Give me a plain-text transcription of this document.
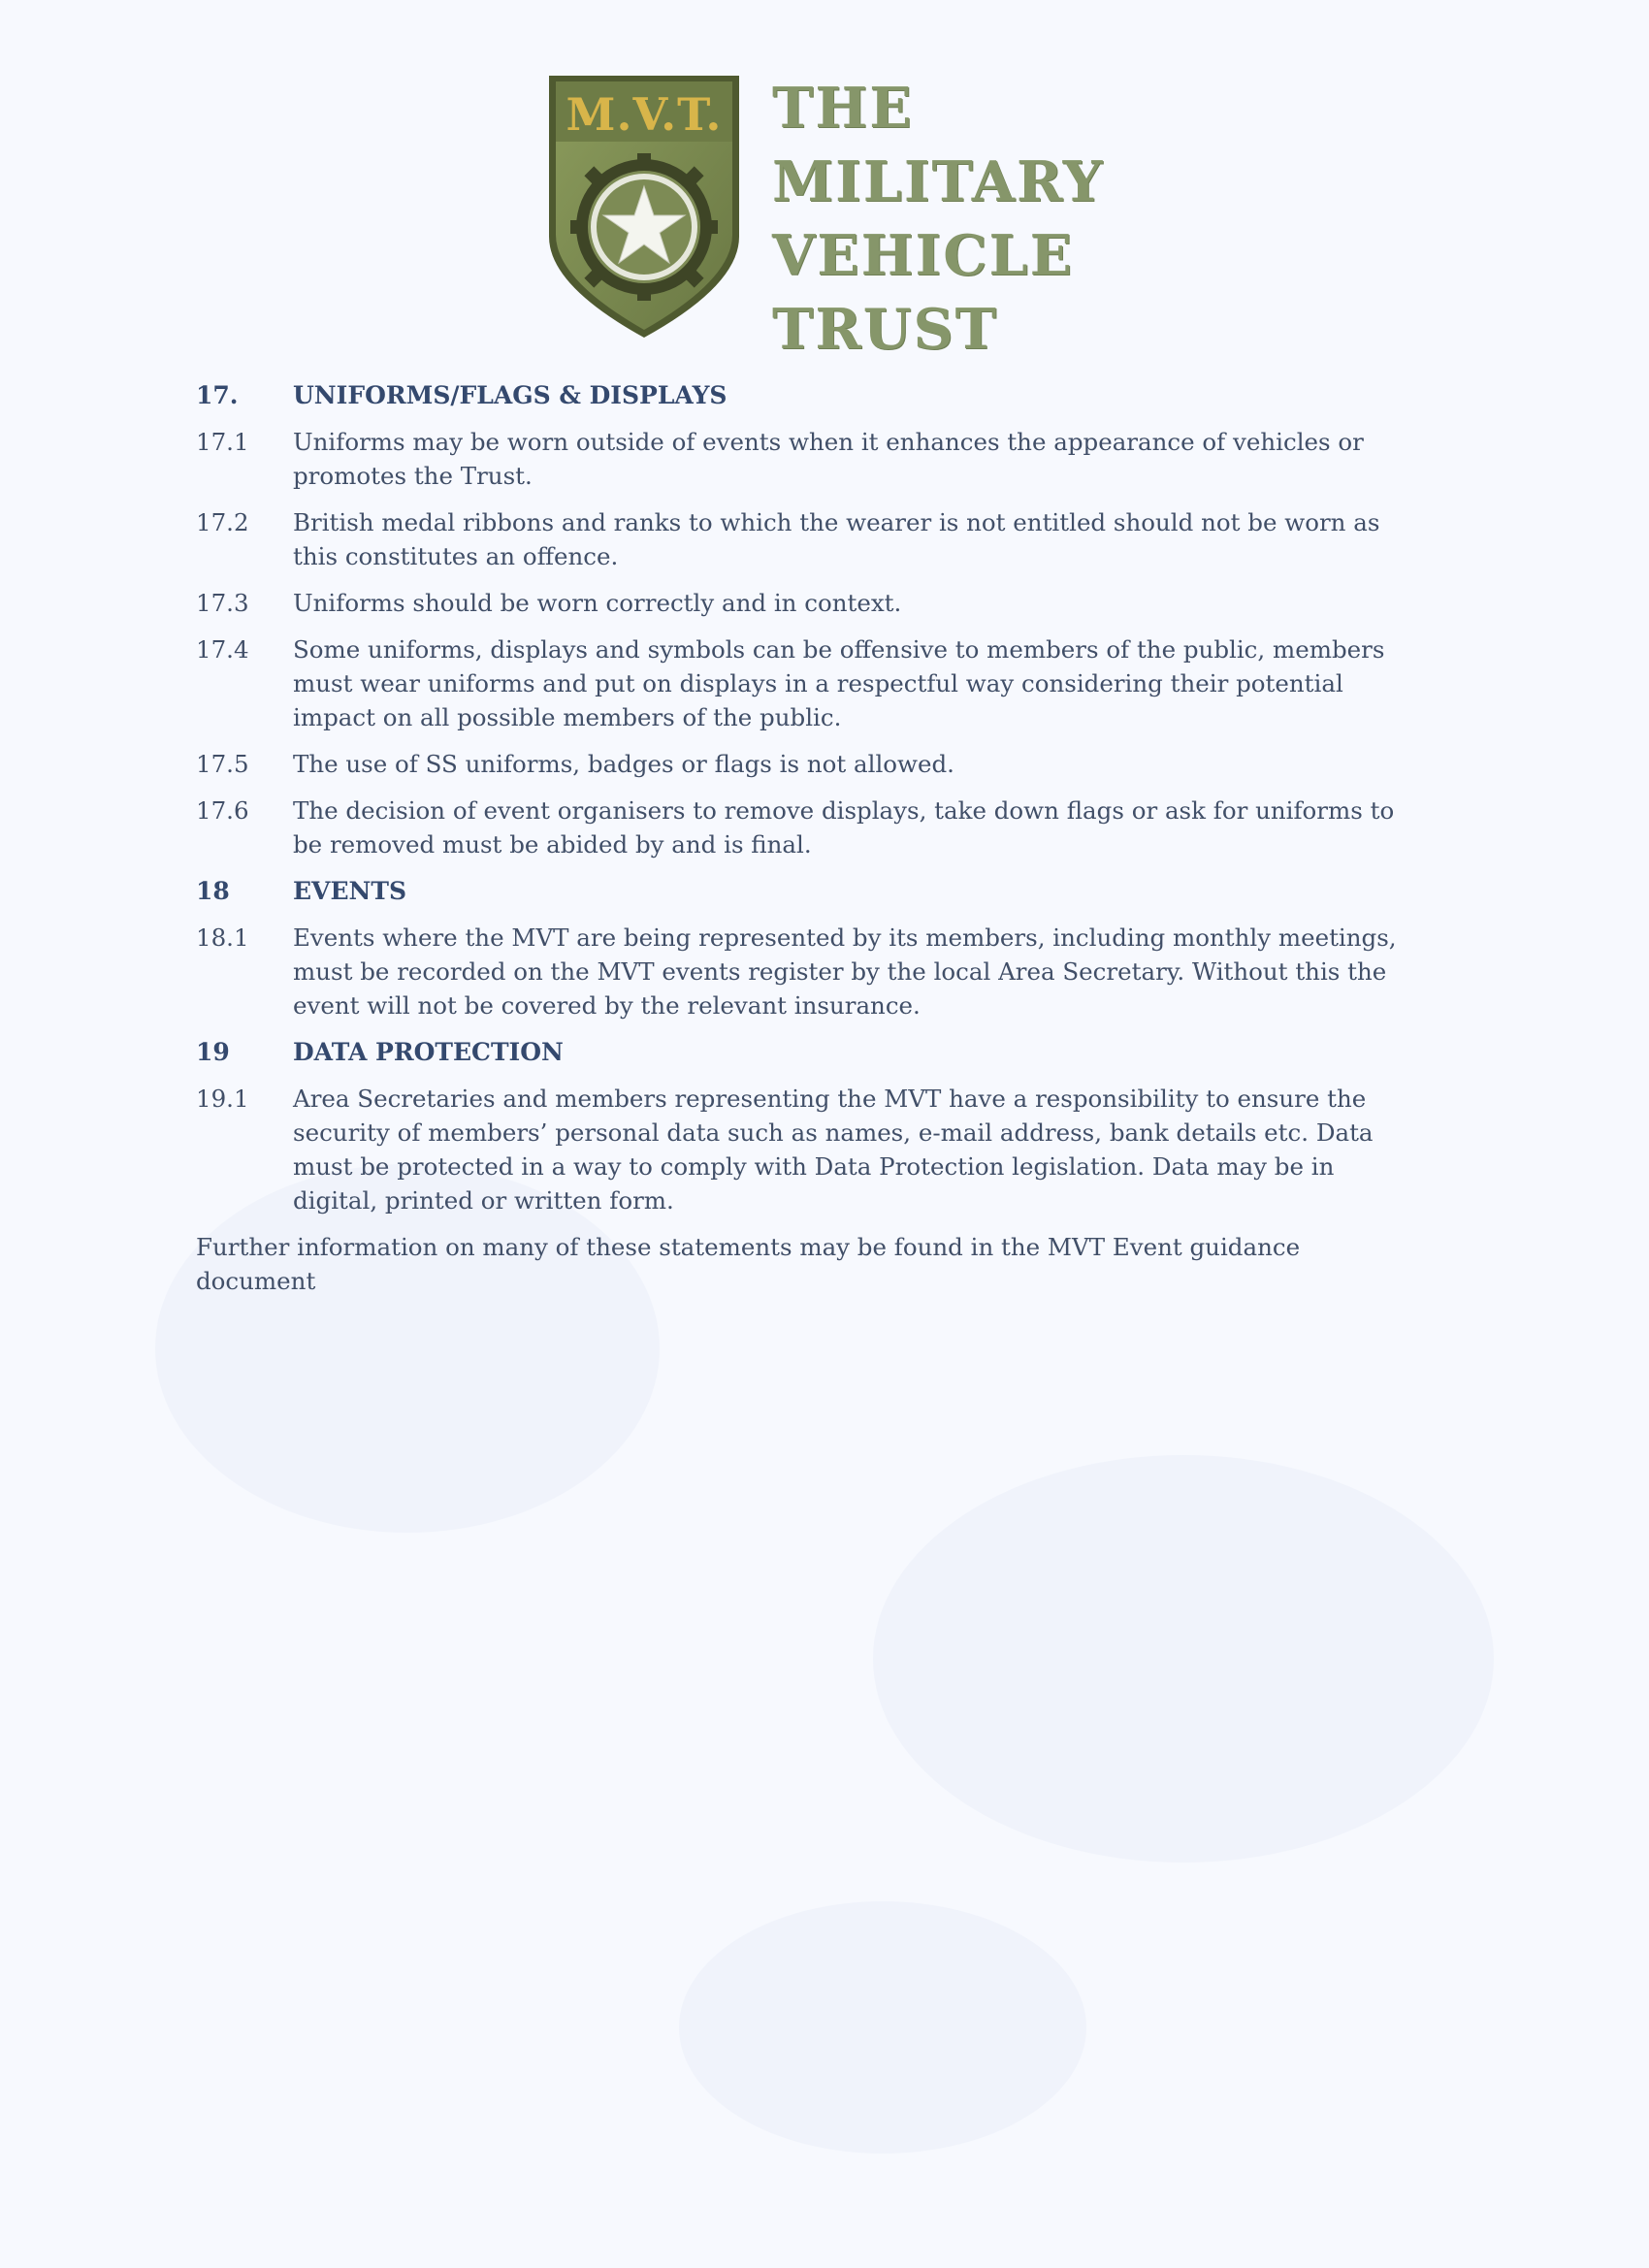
M.V.T. THE
MILITARY
VEHICLE
TRUST
17.	UNIFORMS/FLAGS & DISPLAYS
17.1	Uniforms may be worn outside of events when it enhances the appearance of vehicles or promotes the Trust.
17.2	British medal ribbons and ranks to which the wearer is not entitled should not be worn as this constitutes an offence.
17.3	Uniforms should be worn correctly and in context.
17.4	Some uniforms, displays and symbols can be offensive to members of the public, members must wear uniforms and put on displays in a respectful way considering their potential impact on all possible members of the public.
17.5	The use of SS uniforms, badges or flags is not allowed.
17.6	The decision of event organisers to remove displays, take down flags or ask for uniforms to be removed must be abided by and is final.
18	EVENTS
18.1	Events where the MVT are being represented by its members, including monthly meetings, must be recorded on the MVT events register by the local Area Secretary. Without this the event will not be covered by the relevant insurance.
19	DATA PROTECTION
19.1	Area Secretaries and members representing the MVT have a responsibility to ensure the security of members’ personal data such as names, e-mail address, bank details etc. Data must be protected in a way to comply with Data Protection legislation. Data may be in digital, printed or written form.
Further information on many of these statements may be found in the MVT Event guidance document
